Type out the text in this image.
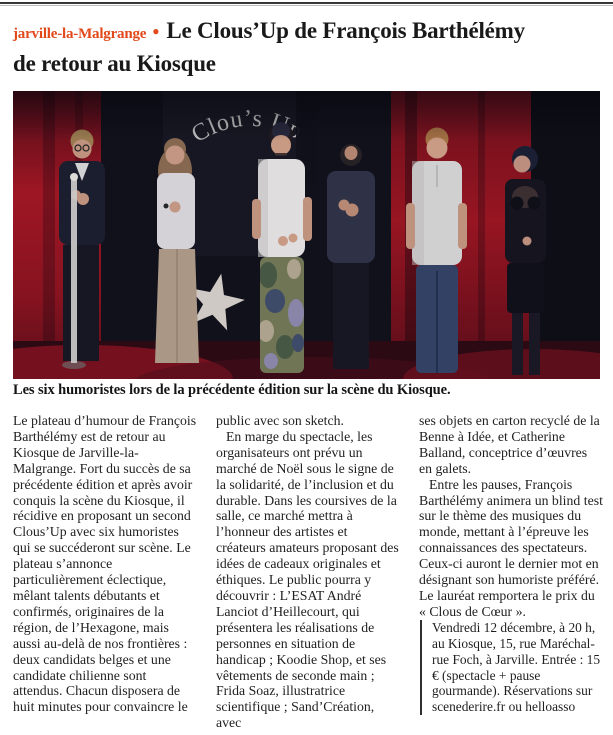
jarville-la-Malgrange ● Le Clous’Up de François Barthélémy
de retour au Kiosque
Les six humoristes lors de la précédente édition sur la scène du Kiosque.

Le plateau d’humour de François Barthélémy est de retour au Kiosque de Jarville-la-Malgrange. Fort du succès de sa précédente édition et après avoir conquis la scène du Kiosque, il récidive en proposant un second Clous’Up avec six humoristes qui se succéderont sur scène. Le plateau s’annonce particulièrement éclectique, mêlant talents débutants et confirmés, originaires de la région, de l’Hexagone, mais aussi au-delà de nos frontières : deux candidats belges et une candidate chilienne sont attendus. Chacun disposera de huit minutes pour convaincre le

public avec son sketch.

En marge du spectacle, les organisateurs ont prévu un marché de Noël sous le signe de la solidarité, de l’inclusion et du durable. Dans les coursives de la salle, ce marché mettra à l’honneur des artistes et créateurs amateurs proposant des idées de cadeaux originales et éthiques. Le public pourra y découvrir : L’ESAT André Lanciot d’Heillecourt, qui présentera les réalisations de personnes en situation de handicap ; Koodie Shop, et ses vêtements de seconde main ; Frida Soaz, illustratrice scientifique ; Sand’Création, avec

ses objets en carton recyclé de la Benne à Idée, et Catherine Balland, conceptrice d’œuvres en galets.

Entre les pauses, François Barthélémy animera un blind test sur le thème des musiques du monde, mettant à l’épreuve les connaissances des spectateurs. Ceux-ci auront le dernier mot en désignant son humoriste préféré. Le lauréat remportera le prix du « Clous de Cœur ».

Vendredi 12 décembre, à 20 h, au Kiosque, 15, rue Maréchal-rue Foch, à Jarville. Entrée : 15 € (spectacle + pause gourmande). Réservations sur scenederire.fr ou helloasso
